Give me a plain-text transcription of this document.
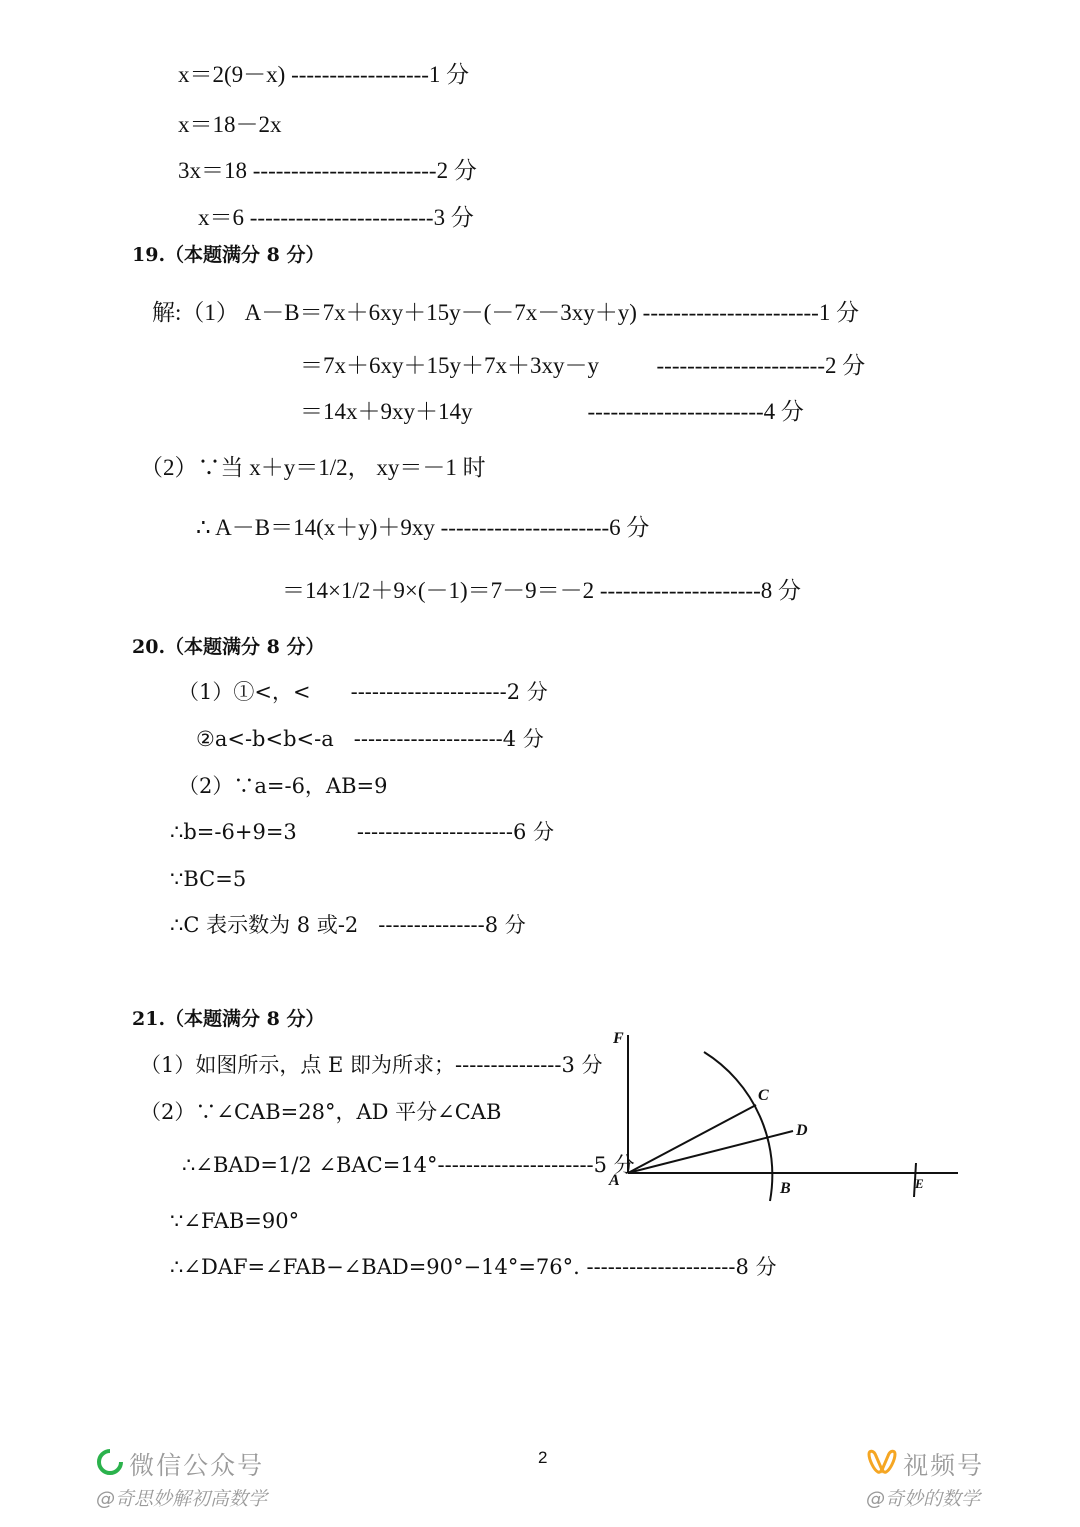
x＝2(9－x) ------------------1 分
x＝18－2x
3x＝18 ------------------------2 分
x＝6 ------------------------3 分
19.（本题满分 8 分）
解:（1） A－B＝7x＋6xy＋15y－(－7x－3xy＋y) -----------------------1 分
＝7x＋6xy＋15y＋7x＋3xy－y          ----------------------2 分
＝14x＋9xy＋14y                    -----------------------4 分
（2）∵当 x＋y＝1/2， xy＝－1 时
∴ A－B＝14(x＋y)＋9xy ----------------------6 分
＝14×1/2＋9×(－1)＝7－9＝－2 ---------------------8 分
20.（本题满分 8 分）
（1）①<，<      ----------------------2 分
②a<-b<b<-a   ---------------------4 分
（2）∵a=-6，AB=9
∴b=-6+9=3         ----------------------6 分
∵BC=5
∴C 表示数为 8 或-2   ---------------8 分
21.（本题满分 8 分）
（1）如图所示，点 E 即为所求；---------------3 分
（2）∵∠CAB=28°，AD 平分∠CAB
∴∠BAD=1/2 ∠BAC=14°----------------------5 分
∵∠FAB=90°
∴∠DAF=∠FAB−∠BAD=90°−14°=76°. ---------------------8 分
F
C
D
A	B	E
2
微信公众号
@奇思妙解初高数学
视频号
@奇妙的数学
